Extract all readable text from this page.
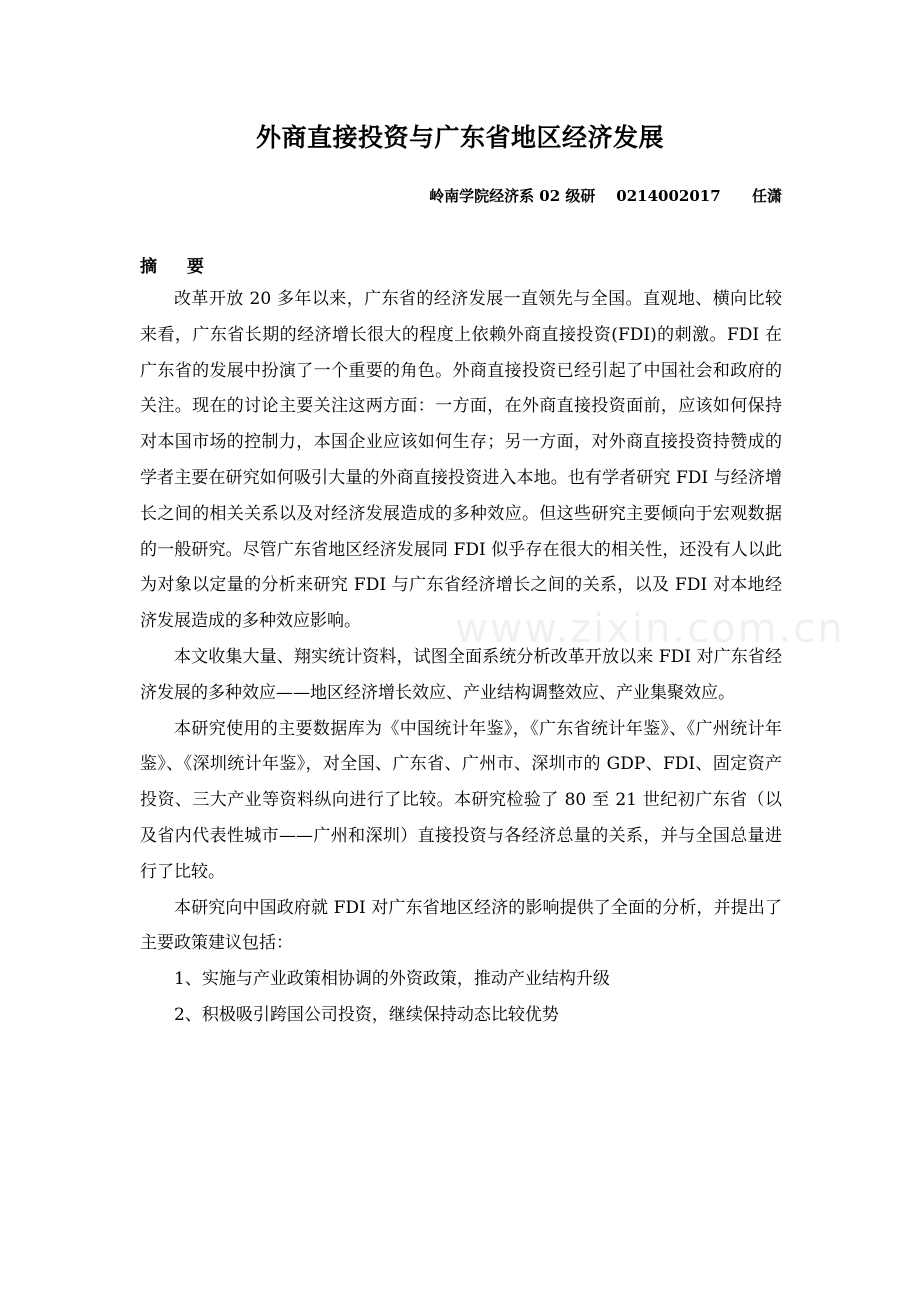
外商直接投资与广东省地区经济发展
岭南学院经济系 02 级研    0214002017      任潇
摘 要

改革开放 20 多年以来，广东省的经济发展一直领先与全国。直观地、横向比较来看，广东省长期的经济增长很大的程度上依赖外商直接投资(FDI)的刺激。FDI 在广东省的发展中扮演了一个重要的角色。外商直接投资已经引起了中国社会和政府的关注。现在的讨论主要关注这两方面：一方面，在外商直接投资面前，应该如何保持对本国市场的控制力，本国企业应该如何生存；另一方面，对外商直接投资持赞成的学者主要在研究如何吸引大量的外商直接投资进入本地。也有学者研究 FDI 与经济增长之间的相关关系以及对经济发展造成的多种效应。但这些研究主要倾向于宏观数据的一般研究。尽管广东省地区经济发展同 FDI 似乎存在很大的相关性，还没有人以此为对象以定量的分析来研究 FDI 与广东省经济增长之间的关系，以及 FDI 对本地经济发展造成的多种效应影响。

本文收集大量、翔实统计资料，试图全面系统分析改革开放以来 FDI 对广东省经济发展的多种效应——地区经济增长效应、产业结构调整效应、产业集聚效应。

本研究使用的主要数据库为《中国统计年鉴》，《广东省统计年鉴》、《广州统计年鉴》、《深圳统计年鉴》，对全国、广东省、广州市、深圳市的 GDP、FDI、固定资产投资、三大产业等资料纵向进行了比较。本研究检验了 80 至 21 世纪初广东省（以及省内代表性城市——广州和深圳）直接投资与各经济总量的关系，并与全国总量进行了比较。

本研究向中国政府就 FDI 对广东省地区经济的影响提供了全面的分析，并提出了主要政策建议包括：

1、实施与产业政策相协调的外资政策，推动产业结构升级

2、积极吸引跨国公司投资，继续保持动态比较优势

www.zixin.com.cn
